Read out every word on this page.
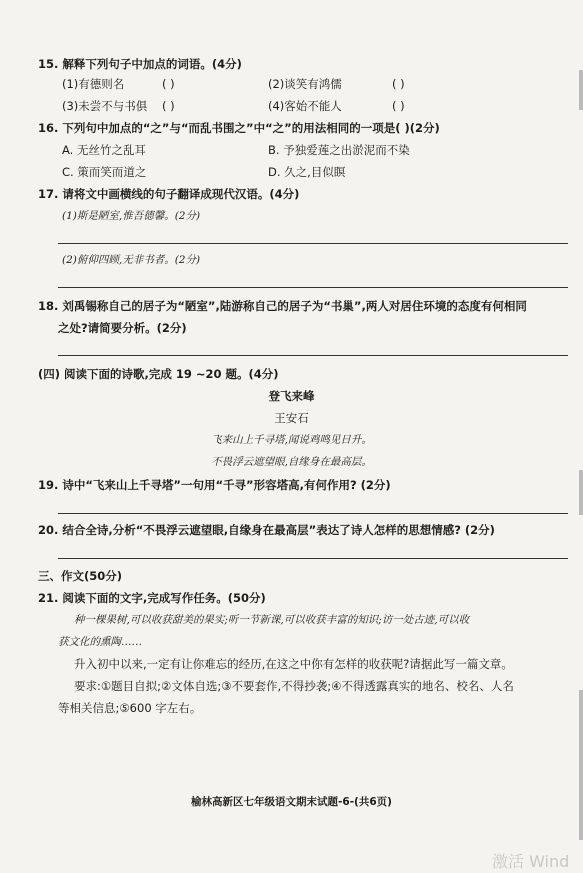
15. 解释下列句子中加点的词语。(4分)
(1)有德则名	( )	(2)谈笑有鸿儒	( )
(3)未尝不与书俱 ( )	(4)客始不能人	( )
16. 下列句中加点的“之”与“而乱书围之”中“之”的用法相同的一项是( )(2分)
A. 无丝竹之乱耳	B. 予独爱莲之出淤泥而不染
C. 策而笑而道之	D. 久之,目似瞑
17. 请将文中画横线的句子翻译成现代汉语。(4分)
(1)斯是陋室,惟吾德馨。(2分)
(2)俯仰四顾,无非书者。(2分)
18. 刘禹锡称自己的居子为“陋室”,陆游称自己的居子为“书巢”,两人对居住环境的态度有何相同
之处?请简要分析。(2分)
(四) 阅读下面的诗歌,完成 19 ~20 题。(4分)
登飞来峰
王安石
飞来山上千寻塔,闻说鸡鸣见日升。
不畏浮云遮望眼,自缘身在最高层。
19. 诗中“飞来山上千寻塔”一句用“千寻”形容塔高,有何作用? (2分)
20. 结合全诗,分析“不畏浮云遮望眼,自缘身在最高层”表达了诗人怎样的思想情感? (2分)
三、作文(50分)
21. 阅读下面的文字,完成写作任务。(50分)
种一棵果树,可以收获甜美的果实;听一节新课,可以收获丰富的知识;访一处古迹,可以收
获文化的熏陶……
升入初中以来,一定有让你难忘的经历,在这之中你有怎样的收获呢?请据此写一篇文章。
要求:①题目自拟;②文体自选;③不要套作,不得抄袭;④不得透露真实的地名、校名、人名
等相关信息;⑤600 字左右。
榆林高新区七年级语文期末试题-6-(共6页)
激活 Wind
